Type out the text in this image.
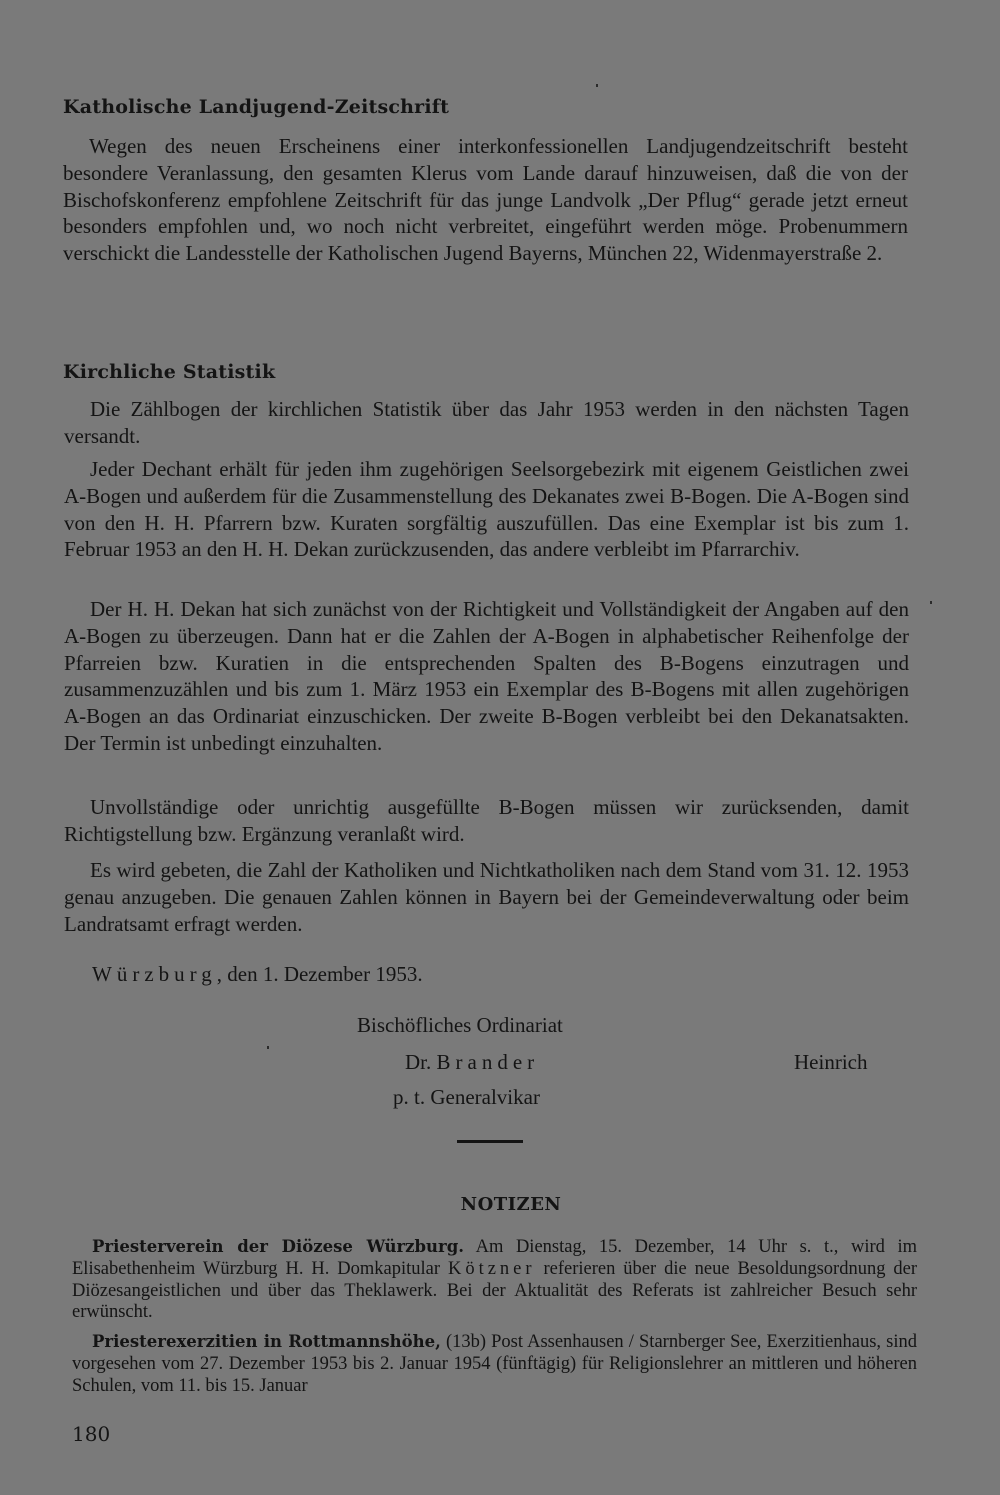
Katholische Landjugend-Zeitschrift

Wegen des neuen Erscheinens einer interkonfessionellen Landjugendzeitschrift besteht besondere Veranlassung, den gesamten Klerus vom Lande darauf hinzuweisen, daß die von der Bischofskonferenz empfohlene Zeitschrift für das junge Landvolk „Der Pflug“ gerade jetzt erneut besonders empfohlen und, wo noch nicht verbreitet, eingeführt werden möge. Probenummern verschickt die Landesstelle der Katholischen Jugend Bayerns, München 22, Widenmayerstraße 2.

Kirchliche Statistik

Die Zählbogen der kirchlichen Statistik über das Jahr 1953 werden in den nächsten Tagen versandt.

Jeder Dechant erhält für jeden ihm zugehörigen Seelsorgebezirk mit eigenem Geistlichen zwei A-Bogen und außerdem für die Zusammenstellung des Dekanates zwei B-Bogen. Die A-Bogen sind von den H. H. Pfarrern bzw. Kuraten sorgfältig auszufüllen. Das eine Exemplar ist bis zum 1. Februar 1953 an den H. H. Dekan zurückzusenden, das andere verbleibt im Pfarrarchiv.

Der H. H. Dekan hat sich zunächst von der Richtigkeit und Vollständigkeit der Angaben auf den A-Bogen zu überzeugen. Dann hat er die Zahlen der A-Bogen in alphabetischer Reihenfolge der Pfarreien bzw. Kuratien in die entsprechenden Spalten des B-Bogens einzutragen und zusammenzuzählen und bis zum 1. März 1953 ein Exemplar des B-Bogens mit allen zugehörigen A-Bogen an das Ordinariat einzuschicken. Der zweite B-Bogen verbleibt bei den Dekanatsakten. Der Termin ist unbedingt einzuhalten.

Unvollständige oder unrichtig ausgefüllte B-Bogen müssen wir zurücksenden, damit Richtigstellung bzw. Ergänzung veranlaßt wird.

Es wird gebeten, die Zahl der Katholiken und Nichtkatholiken nach dem Stand vom 31. 12. 1953 genau anzugeben. Die genauen Zahlen können in Bayern bei der Gemeindeverwaltung oder beim Landratsamt erfragt werden.

Würzburg, den 1. Dezember 1953.
Bischöfliches Ordinariat
Dr. Brander	Heinrich
p. t. Generalvikar
NOTIZEN

Priesterverein der Diözese Würzburg. Am Dienstag, 15. Dezember, 14 Uhr s. t., wird im Elisabethenheim Würzburg H. H. Domkapitular Kötzner referieren über die neue Besoldungsordnung der Diözesangeistlichen und über das Theklawerk. Bei der Aktualität des Referats ist zahlreicher Besuch sehr erwünscht.

Priesterexerzitien in Rottmannshöhe, (13b) Post Assenhausen / Starnberger See, Exerzitienhaus, sind vorgesehen vom 27. Dezember 1953 bis 2. Januar 1954 (fünftägig) für Religionslehrer an mittleren und höheren Schulen, vom 11. bis 15. Januar

180
